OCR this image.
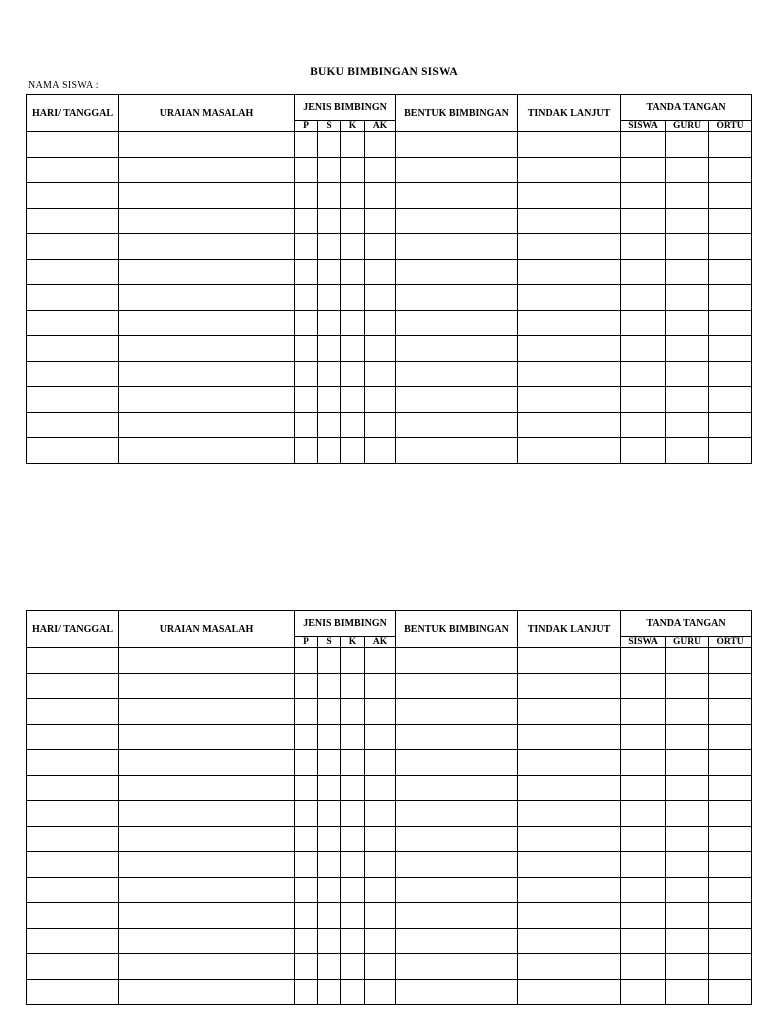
BUKU BIMBINGAN SISWA
NAMA SISWA :
HARI/ TANGGAL	URAIAN MASALAH	JENIS BIMBINGN				BENTUK BIMBINGAN	TINDAK LANJUT	TANDA TANGAN		
		P	S	K	AK			SISWA	GURU	ORTU

HARI/ TANGGAL	URAIAN MASALAH	JENIS BIMBINGN				BENTUK BIMBINGAN	TINDAK LANJUT	TANDA TANGAN		
		P	S	K	AK			SISWA	GURU	ORTU
